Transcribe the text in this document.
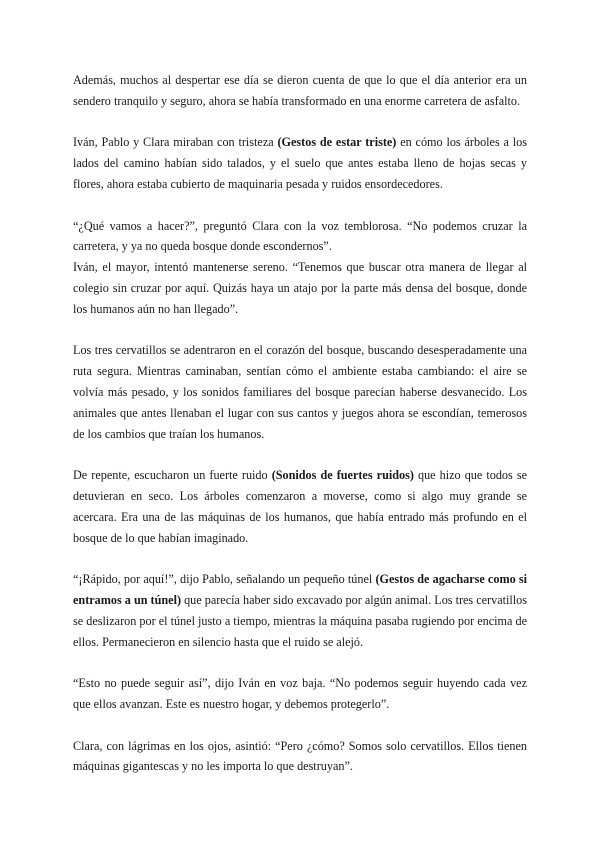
Además, muchos al despertar ese día se dieron cuenta de que lo que el día anterior era un sendero tranquilo y seguro, ahora se había transformado en una enorme carretera de asfalto.

Iván, Pablo y Clara miraban con tristeza (Gestos de estar triste) en cómo los árboles a los lados del camino habían sido talados, y el suelo que antes estaba lleno de hojas secas y flores, ahora estaba cubierto de maquinaria pesada y ruidos ensordecedores.

“¿Qué vamos a hacer?”, preguntó Clara con la voz temblorosa. “No podemos cruzar la carretera, y ya no queda bosque donde escondernos”.

Iván, el mayor, intentó mantenerse sereno. “Tenemos que buscar otra manera de llegar al colegio sin cruzar por aquí. Quizás haya un atajo por la parte más densa del bosque, donde los humanos aún no han llegado”.

Los tres cervatillos se adentraron en el corazón del bosque, buscando desesperadamente una ruta segura. Mientras caminaban, sentían cómo el ambiente estaba cambiando: el aire se volvía más pesado, y los sonidos familiares del bosque parecían haberse desvanecido. Los animales que antes llenaban el lugar con sus cantos y juegos ahora se escondían, temerosos de los cambios que traían los humanos.

De repente, escucharon un fuerte ruido (Sonidos de fuertes ruidos) que hizo que todos se detuvieran en seco. Los árboles comenzaron a moverse, como si algo muy grande se acercara. Era una de las máquinas de los humanos, que había entrado más profundo en el bosque de lo que habían imaginado.

“¡Rápido, por aquí!”, dijo Pablo, señalando un pequeño túnel (Gestos de agacharse como si entramos a un túnel) que parecía haber sido excavado por algún animal. Los tres cervatillos se deslizaron por el túnel justo a tiempo, mientras la máquina pasaba rugiendo por encima de ellos. Permanecieron en silencio hasta que el ruido se alejó.

“Esto no puede seguir así”, dijo Iván en voz baja. “No podemos seguir huyendo cada vez que ellos avanzan. Este es nuestro hogar, y debemos protegerlo”.

Clara, con lágrimas en los ojos, asintió: “Pero ¿cómo? Somos solo cervatillos. Ellos tienen máquinas gigantescas y no les importa lo que destruyan”.
